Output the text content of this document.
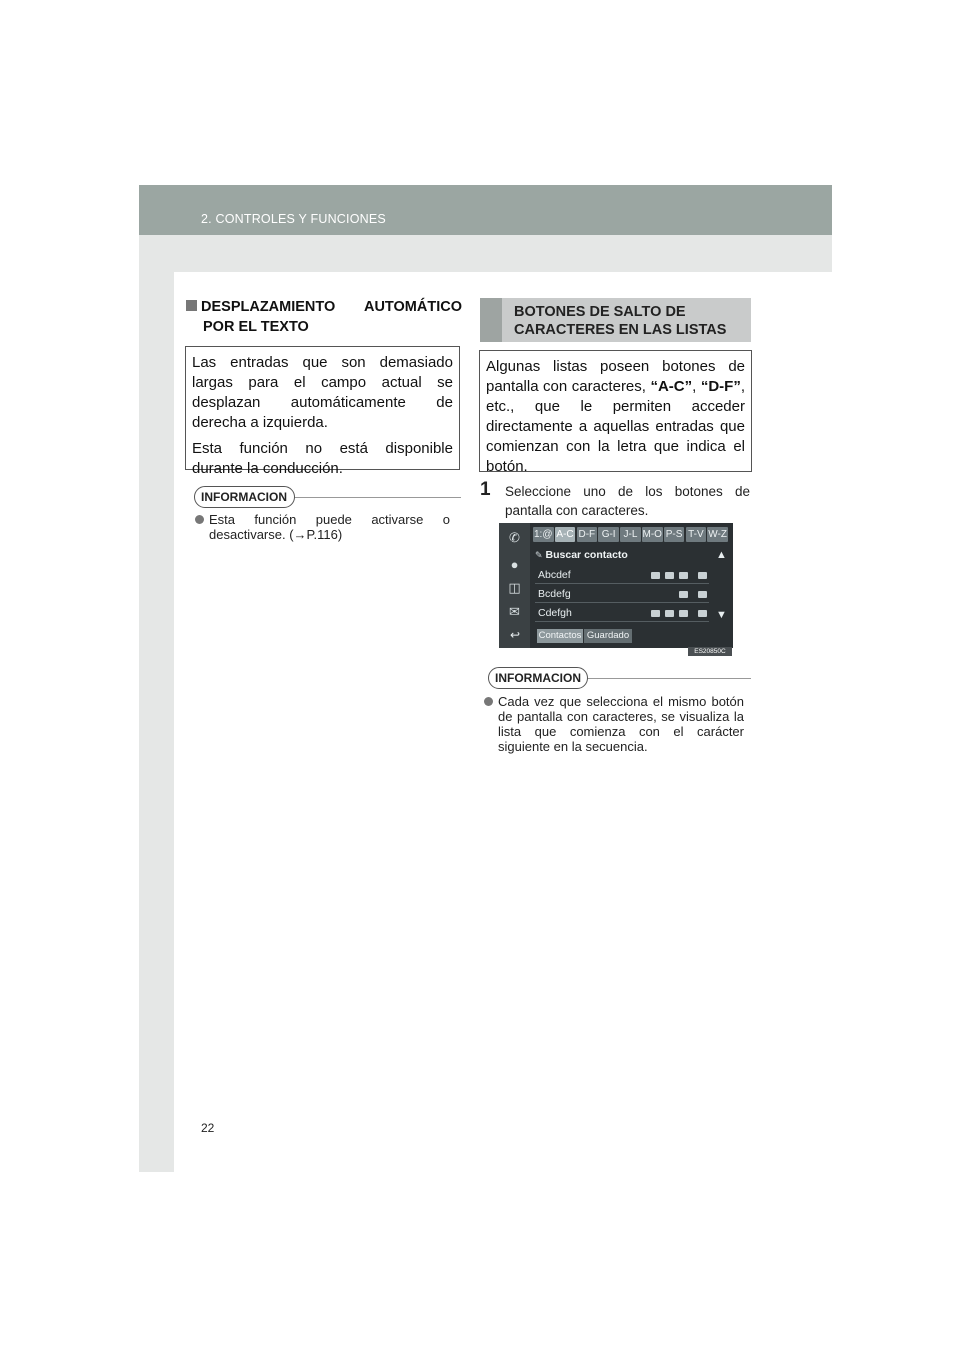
2. CONTROLES Y FUNCIONES
DESPLAZAMIENTO AUTOMÁTICO
POR EL TEXTO

Las entradas que son demasiado largas para el campo actual se desplazan automáticamente de derecha a izquierda.

Esta función no está disponible durante la conducción.

INFORMACION
Esta función puede activarse o desactivarse. (→P.116)
BOTONES DE SALTO DE CARACTERES EN LAS LISTAS
Algunas listas poseen botones de pantalla con caracteres, “A-C”, “D-F”, etc., que le permiten acceder directamente a aquellas entradas que comienzan con la letra que indica el botón.
1 Seleccione uno de los botones de pantalla con caracteres.
✆
●
◫
✉
↩
1:@ A-C D-F G-I J-L M-O P-S T-V W-Z
✎ Buscar contacto
Abcdef
Bcdefg
Cdefgh
▲
▼
Contactos Guardado
ES20850C
INFORMACION
Cada vez que selecciona el mismo botón de pantalla con caracteres, se visualiza la lista que comienza con el carácter siguiente en la secuencia.
22
